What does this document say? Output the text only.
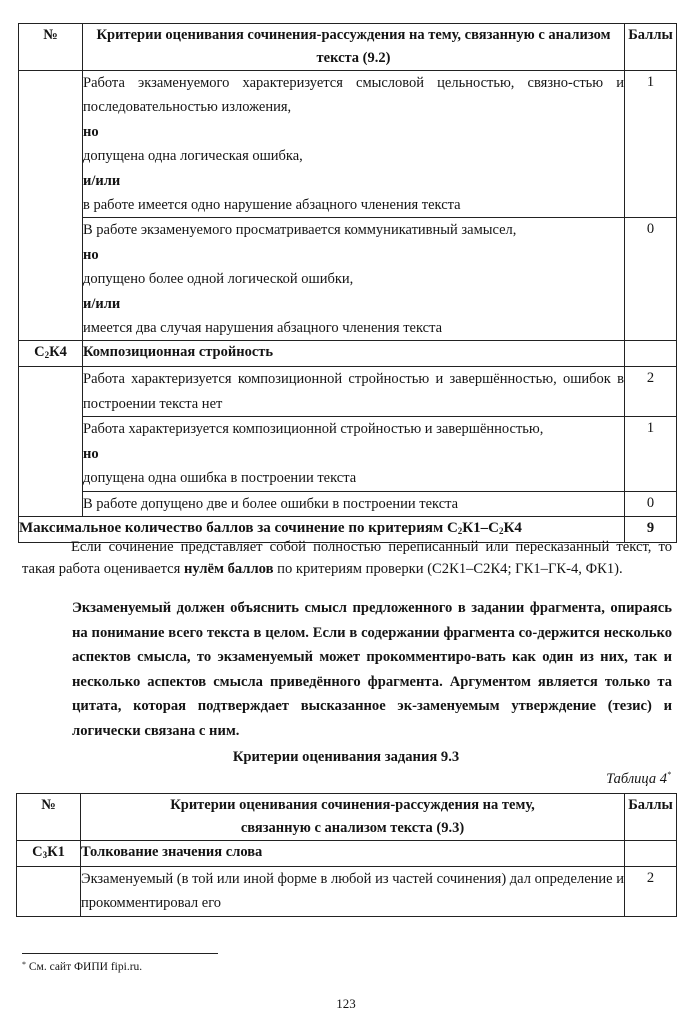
№	Критерии оценивания сочинения-рассуждения на тему, связанную с анализом текста (9.2)	Баллы

	Работа экзаменуемого характеризуется смысловой цельностью, связно-стью и последовательностью изложения,
но
допущена одна логическая ошибка,
и/или
в работе имеется одно нарушение абзацного членения текста	1

	В работе экзаменуемого просматривается коммуникативный замысел,
но
допущено более одной логической ошибки,
и/или
имеется два случая нарушения абзацного членения текста	0
$C_2К4$	Композиционная стройность	

	Работа характеризуется композиционной стройностью и завершённостью, ошибок в построении текста нет	2

	Работа характеризуется композиционной стройностью и завершённостью,
но
допущена одна ошибка в построении текста	1

	В работе допущено две и более ошибки в построении текста	0
Максимальное количество баллов за сочинение по критериям $C_2К1-C_2К4$		9

Если сочинение представляет собой полностью переписанный или пересказанный текст, то такая работа оценивается нулём баллов по критериям проверки (С2К1–С2К4; ГК1–ГК-4, ФК1).

Экзаменуемый должен объяснить смысл предложенного в задании фрагмента, опираясь на понимание всего текста в целом. Если в содержании фрагмента со-держится несколько аспектов смысла, то экзаменуемый может прокомментиро-вать как один из них, так и несколько аспектов смысла приведённого фрагмента. Аргументом является только та цитата, которая подтверждает высказанное эк-заменуемым утверждение (тезис) и логически связана с ним.

Критерии оценивания задания 9.3
Таблица 4*
№	Критерии оценивания сочинения-рассуждения на тему,
связанную с анализом текста (9.3)	Баллы
$C_3К1$	Толкование значения слова	
	Экзаменуемый (в той или иной форме в любой из частей сочинения) дал определение и прокомментировал его	2
* См. сайт ФИПИ fipi.ru.
123
